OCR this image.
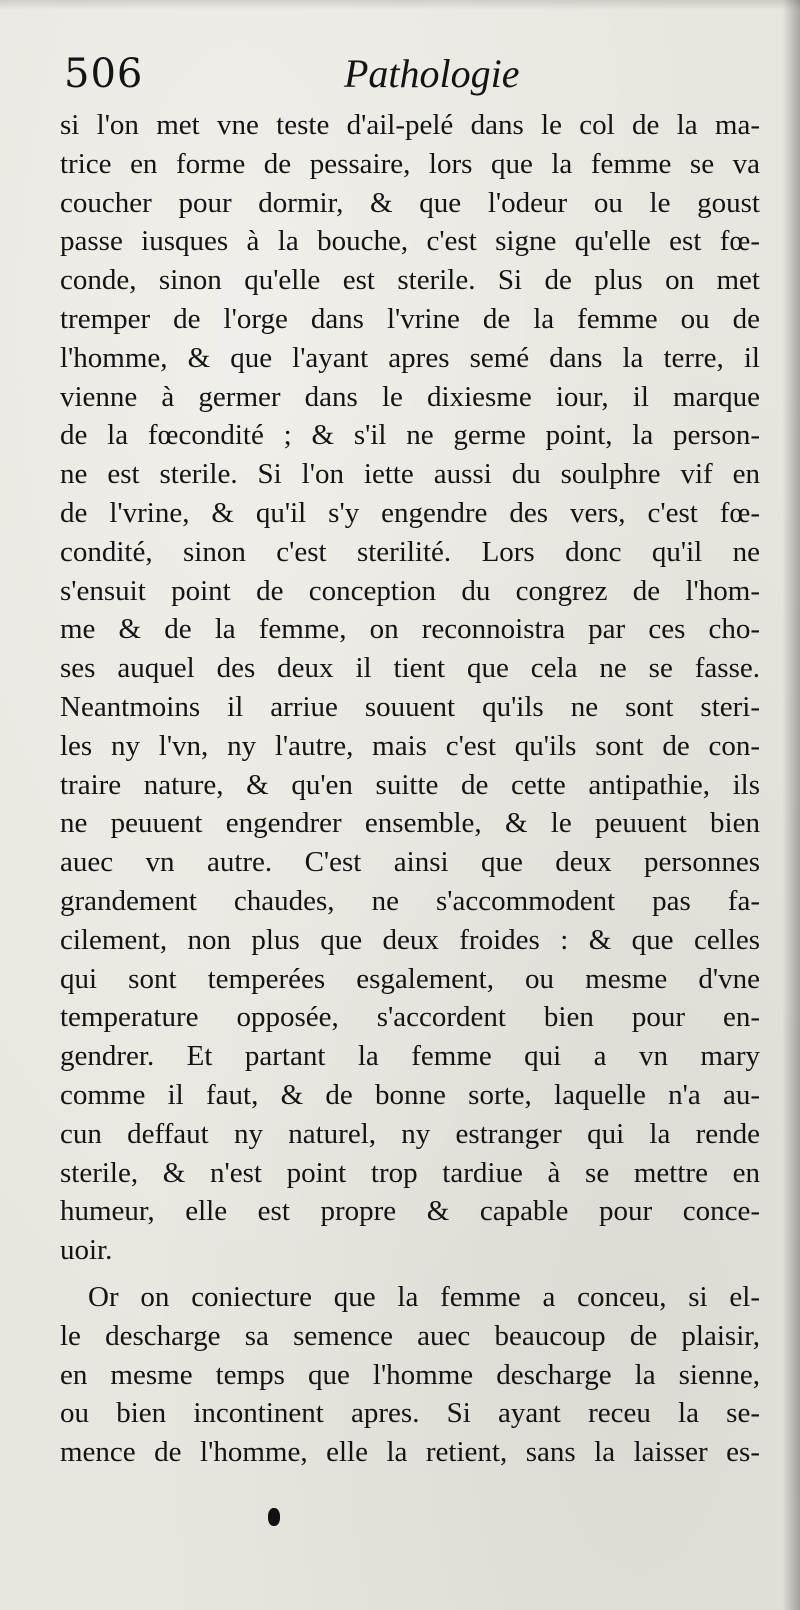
506	Pathologie
si l'on met vne teste d'ail-pelé dans le col de la ma-
trice en forme de pessaire, lors que la femme se va
coucher pour dormir, & que l'odeur ou le goust
passe iusques à la bouche, c'est signe qu'elle est fœ-
conde, sinon qu'elle est sterile. Si de plus on met
tremper de l'orge dans l'vrine de la femme ou de
l'homme, & que l'ayant apres semé dans la terre, il
vienne à germer dans le dixiesme iour, il marque
de la fœcondité ; & s'il ne germe point, la person-
ne est sterile. Si l'on iette aussi du soulphre vif en
de l'vrine, & qu'il s'y engendre des vers, c'est fœ-
condité, sinon c'est sterilité. Lors donc qu'il ne
s'ensuit point de conception du congrez de l'hom-
me & de la femme, on reconnoistra par ces cho-
ses auquel des deux il tient que cela ne se fasse.
Neantmoins il arriue souuent qu'ils ne sont steri-
les ny l'vn, ny l'autre, mais c'est qu'ils sont de con-
traire nature, & qu'en suitte de cette antipathie, ils
ne peuuent engendrer ensemble, & le peuuent bien
auec vn autre. C'est ainsi que deux personnes
grandement chaudes, ne s'accommodent pas fa-
cilement, non plus que deux froides : & que celles
qui sont temperées esgalement, ou mesme d'vne
temperature opposée, s'accordent bien pour en-
gendrer. Et partant la femme qui a vn mary
comme il faut, & de bonne sorte, laquelle n'a au-
cun deffaut ny naturel, ny estranger qui la rende
sterile, & n'est point trop tardiue à se mettre en
humeur, elle est propre & capable pour conce-
uoir.
Or on coniecture que la femme a conceu, si el-
le descharge sa semence auec beaucoup de plaisir,
en mesme temps que l'homme descharge la sienne,
ou bien incontinent apres. Si ayant receu la se-
mence de l'homme, elle la retient, sans la laisser es-
